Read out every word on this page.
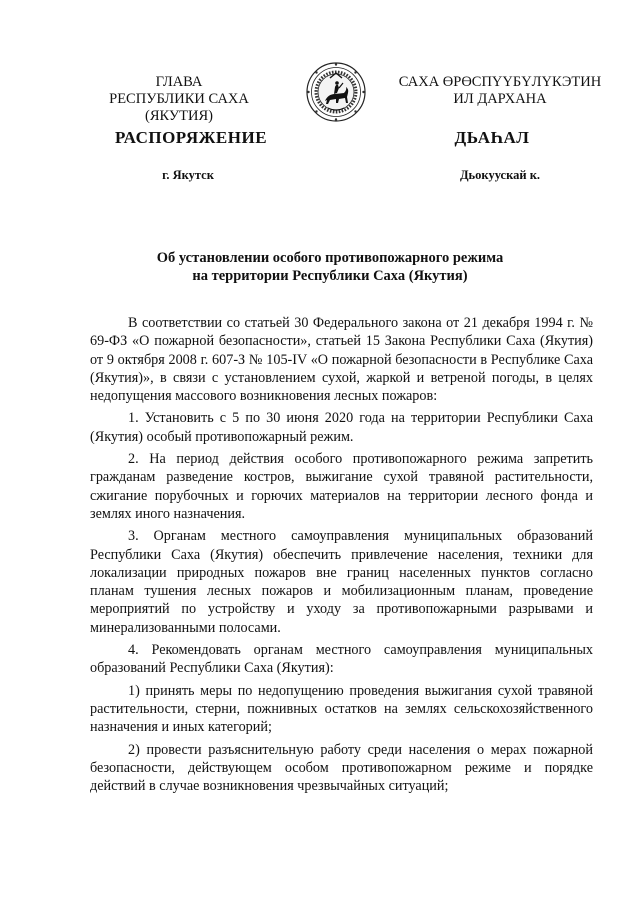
ГЛАВА
РЕСПУБЛИКИ САХА (ЯКУТИЯ)
САХА ӨРӨСПҮҮБҮЛҮКЭТИН
ИЛ ДАРХАНА
РАСПОРЯЖЕНИЕ	ДЬАҺАЛ
г. Якутск	Дьокуускай к.
Об установлении особого противопожарного режима
на территории Республики Саха (Якутия)

В соответствии со статьей 30 Федерального закона от 21 декабря 1994 г. № 69-ФЗ «О пожарной безопасности», статьей 15 Закона Республики Саха (Якутия) от 9 октября 2008 г. 607-З № 105-IV «О пожарной безопасности в Республике Саха (Якутия)», в связи с установлением сухой, жаркой и ветреной погоды, в целях недопущения массового возникновения лесных пожаров:

1. Установить с 5 по 30 июня 2020 года на территории Республики Саха (Якутия) особый противопожарный режим.

2. На период действия особого противопожарного режима запретить гражданам разведение костров, выжигание сухой травяной растительности, сжигание порубочных и горючих материалов на территории лесного фонда и землях иного назначения.

3. Органам местного самоуправления муниципальных образований Республики Саха (Якутия) обеспечить привлечение населения, техники для локализации природных пожаров вне границ населенных пунктов согласно планам тушения лесных пожаров и мобилизационным планам, проведение мероприятий по устройству и уходу за противопожарными разрывами и минерализованными полосами.

4. Рекомендовать органам местного самоуправления муниципальных образований Республики Саха (Якутия):

1) принять меры по недопущению проведения выжигания сухой травяной растительности, стерни, пожнивных остатков на землях сельскохозяйственного назначения и иных категорий;

2) провести разъяснительную работу среди населения о мерах пожарной безопасности, действующем особом противопожарном режиме и порядке действий в случае возникновения чрезвычайных ситуаций;
